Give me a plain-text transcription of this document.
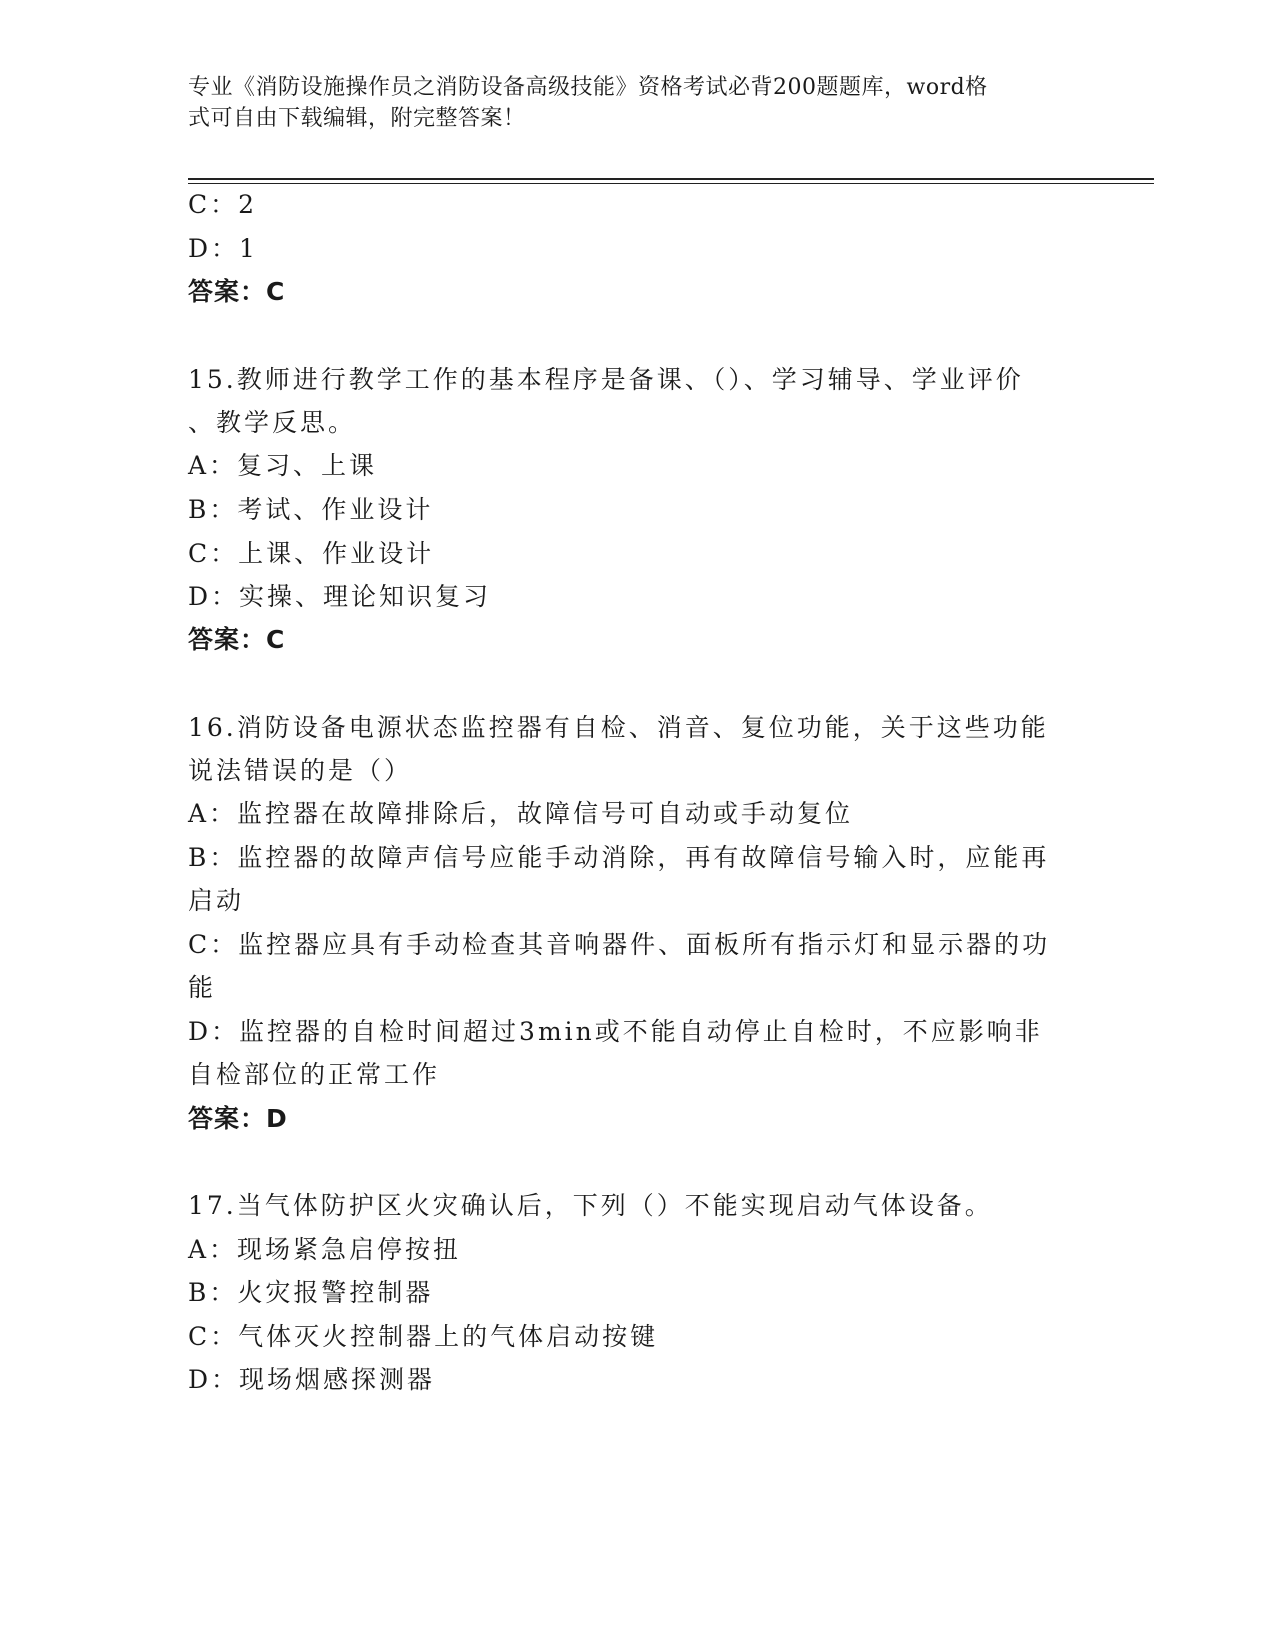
专业《消防设施操作员之消防设备高级技能》资格考试必背200题题库，word格
式可自由下载编辑，附完整答案！
C：2
D：1
答案：C
15.教师进行教学工作的基本程序是备课、（）、学习辅导、学业评价
、教学反思。
A：复习、上课
B：考试、作业设计
C：上课、作业设计
D：实操、理论知识复习
答案：C
16.消防设备电源状态监控器有自检、消音、复位功能，关于这些功能
说法错误的是（）
A：监控器在故障排除后，故障信号可自动或手动复位
B：监控器的故障声信号应能手动消除，再有故障信号输入时，应能再
启动
C：监控器应具有手动检查其音响器件、面板所有指示灯和显示器的功
能
D：监控器的自检时间超过3min或不能自动停止自检时，不应影响非
自检部位的正常工作
答案：D
17.当气体防护区火灾确认后，下列（）不能实现启动气体设备。
A：现场紧急启停按扭
B：火灾报警控制器
C：气体灭火控制器上的气体启动按键
D：现场烟感探测器
